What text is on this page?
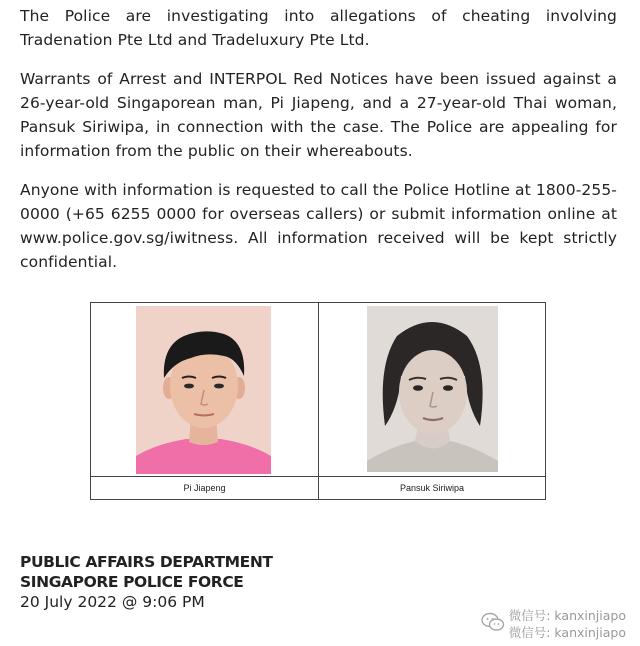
The Police are investigating into allegations of cheating involving Tradenation Pte Ltd and Tradeluxury Pte Ltd.

Warrants of Arrest and INTERPOL Red Notices have been issued against a 26-year-old Singaporean man, Pi Jiapeng, and a 27-year-old Thai woman, Pansuk Siriwipa, in connection with the case. The Police are appealing for information from the public on their whereabouts.

Anyone with information is requested to call the Police Hotline at 1800-255-0000 (+65 6255 0000 for overseas callers) or submit information online at www.police.gov.sg/iwitness. All information received will be kept strictly confidential.

Pi Jiapeng	Pansuk Siriwipa
PUBLIC AFFAIRS DEPARTMENT
SINGAPORE POLICE FORCE
20 July 2022 @ 9:06 PM
微信号: kanxinjiapo
微信号: kanxinjiapo
